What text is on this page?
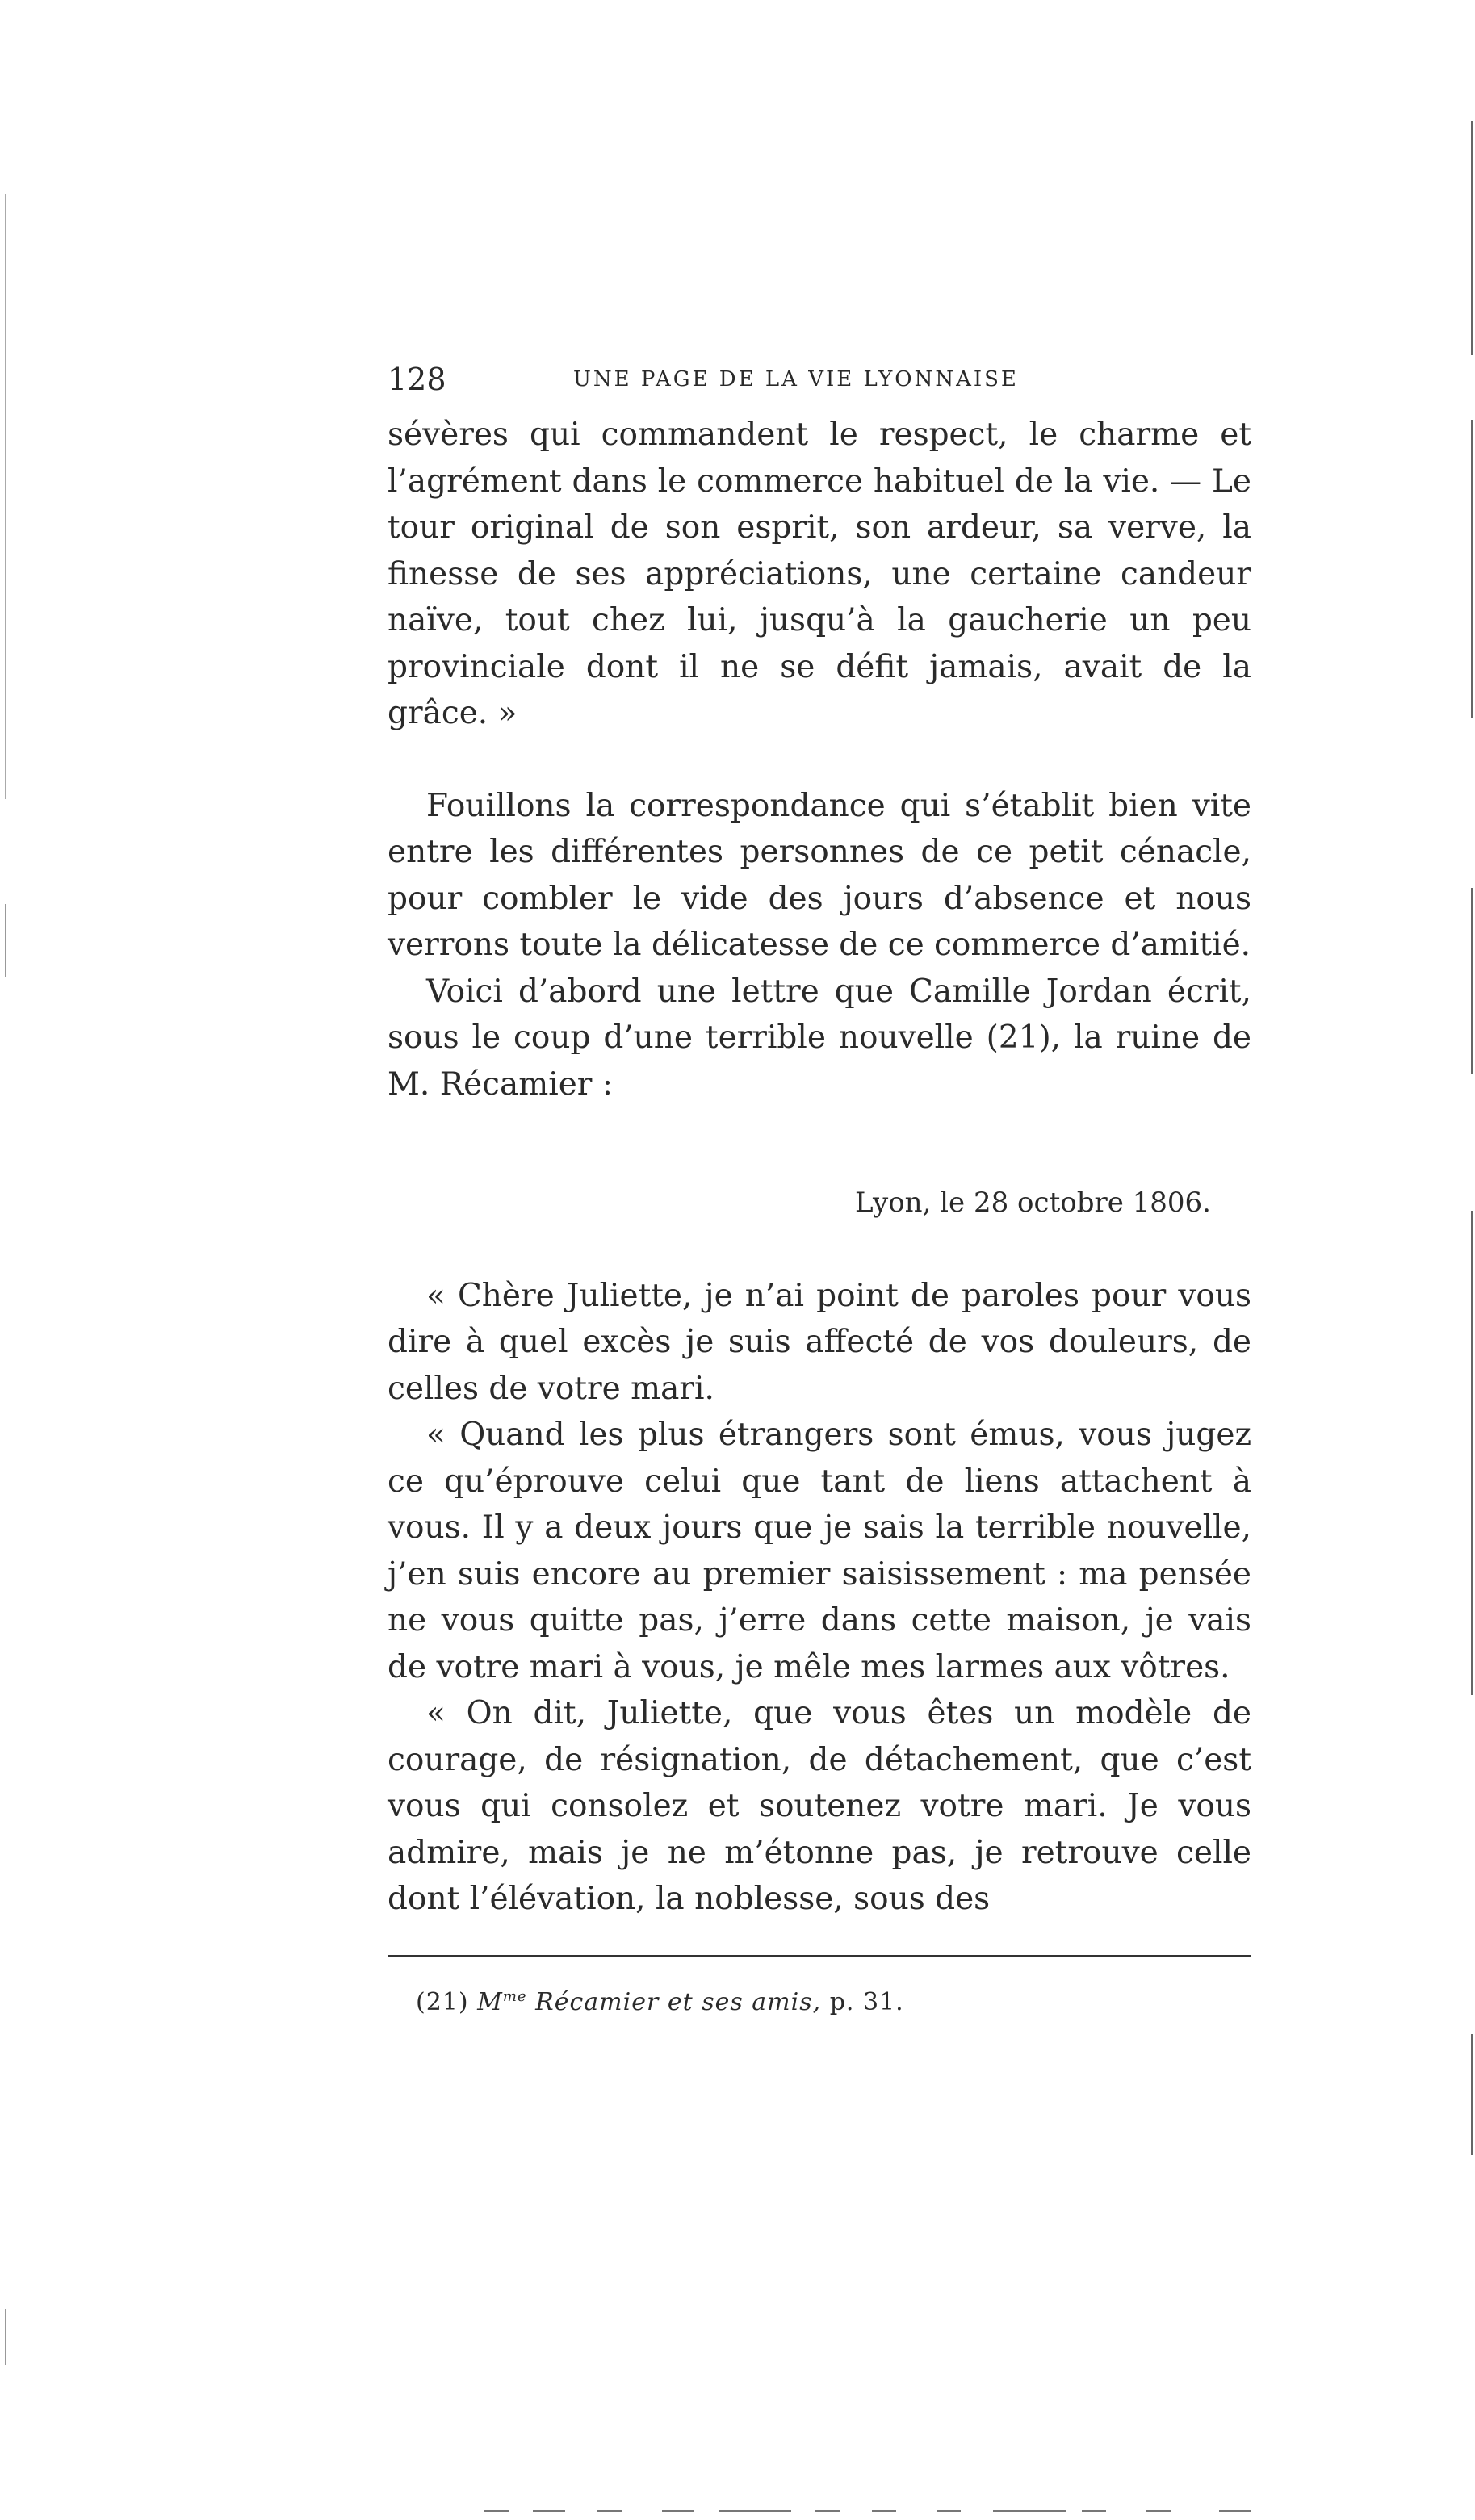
128	UNE PAGE DE LA VIE LYONNAISE

sévères qui commandent le respect, le charme et l’agrément dans le commerce habituel de la vie. — Le tour original de son esprit, son ardeur, sa verve, la finesse de ses appréciations, une certaine candeur naïve, tout chez lui, jusqu’à la gaucherie un peu provinciale dont il ne se défit jamais, avait de la grâce. »

Fouillons la correspondance qui s’établit bien vite entre les différentes personnes de ce petit cénacle, pour combler le vide des jours d’absence et nous verrons toute la délicatesse de ce commerce d’amitié.

Voici d’abord une lettre que Camille Jordan écrit, sous le coup d’une terrible nouvelle (21), la ruine de M. Récamier :

Lyon, le 28 octobre 1806.

« Chère Juliette, je n’ai point de paroles pour vous dire à quel excès je suis affecté de vos douleurs, de celles de votre mari.

« Quand les plus étrangers sont émus, vous jugez ce qu’éprouve celui que tant de liens attachent à vous. Il y a deux jours que je sais la terrible nouvelle, j’en suis encore au premier saisissement : ma pensée ne vous quitte pas, j’erre dans cette maison, je vais de votre mari à vous, je mêle mes larmes aux vôtres.

« On dit, Juliette, que vous êtes un modèle de courage, de résignation, de détachement, que c’est vous qui consolez et soutenez votre mari. Je vous admire, mais je ne m’étonne pas, je retrouve celle dont l’élévation, la noblesse, sous des

(21) $M^{me}$ Récamier et ses amis, p. 31.
